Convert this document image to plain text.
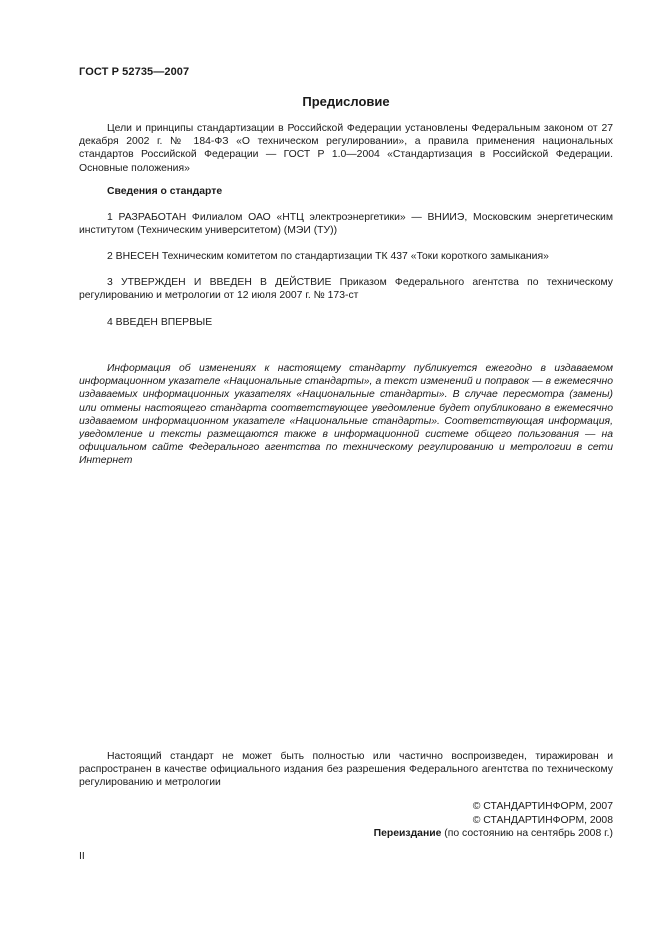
ГОСТ Р 52735—2007
Предисловие

Цели и принципы стандартизации в Российской Федерации установлены Федеральным законом от 27 декабря 2002 г. № 184-ФЗ «О техническом регулировании», а правила применения национальных стандартов Российской Федерации — ГОСТ Р 1.0—2004 «Стандартизация в Российской Федерации. Основные положения»

Сведения о стандарте

1 РАЗРАБОТАН Филиалом ОАО «НТЦ электроэнергетики» — ВНИИЭ, Московским энергетическим институтом (Техническим университетом) (МЭИ (ТУ))

2 ВНЕСЕН Техническим комитетом по стандартизации ТК 437 «Токи короткого замыкания»

3 УТВЕРЖДЕН И ВВЕДЕН В ДЕЙСТВИЕ Приказом Федерального агентства по техническому регулированию и метрологии от 12 июля 2007 г. № 173-ст

4 ВВЕДЕН ВПЕРВЫЕ

Информация об изменениях к настоящему стандарту публикуется ежегодно в издаваемом информационном указателе «Национальные стандарты», а текст изменений и поправок — в ежемесячно издаваемых информационных указателях «Национальные стандарты». В случае пересмотра (замены) или отмены настоящего стандарта соответствующее уведомление будет опубликовано в ежемесячно издаваемом информационном указателе «Национальные стандарты». Соответствующая информация, уведомление и тексты размещаются также в информационной системе общего пользования — на официальном сайте Федерального агентства по техническому регулированию и метрологии в сети Интернет

Настоящий стандарт не может быть полностью или частично воспроизведен, тиражирован и распространен в качестве официального издания без разрешения Федерального агентства по техническому регулированию и метрологии

© СТАНДАРТИНФОРМ, 2007
© СТАНДАРТИНФОРМ, 2008
Переиздание (по состоянию на сентябрь 2008 г.)
II
